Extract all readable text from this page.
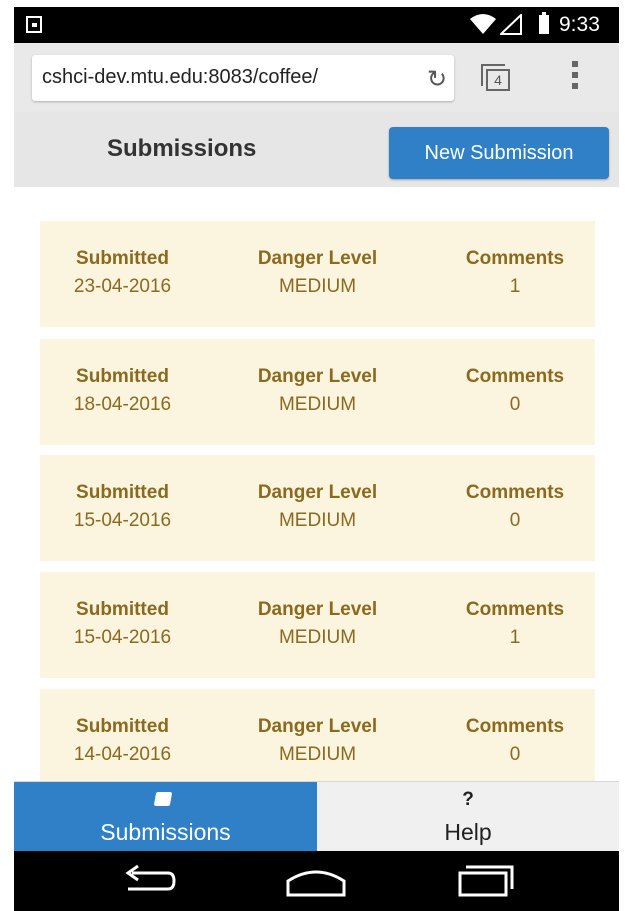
9:33
cshci-dev.mtu.edu:8083/coffee/	↻	4
Submissions	New Submission
Submitted
23-04-2016
Danger Level
MEDIUM
Comments
1
Submitted
18-04-2016
Danger Level
MEDIUM
Comments
0
Submitted
15-04-2016
Danger Level
MEDIUM
Comments
0
Submitted
15-04-2016
Danger Level
MEDIUM
Comments
1
Submitted
14-04-2016
Danger Level
MEDIUM
Comments
0
Submissions
?
Help
